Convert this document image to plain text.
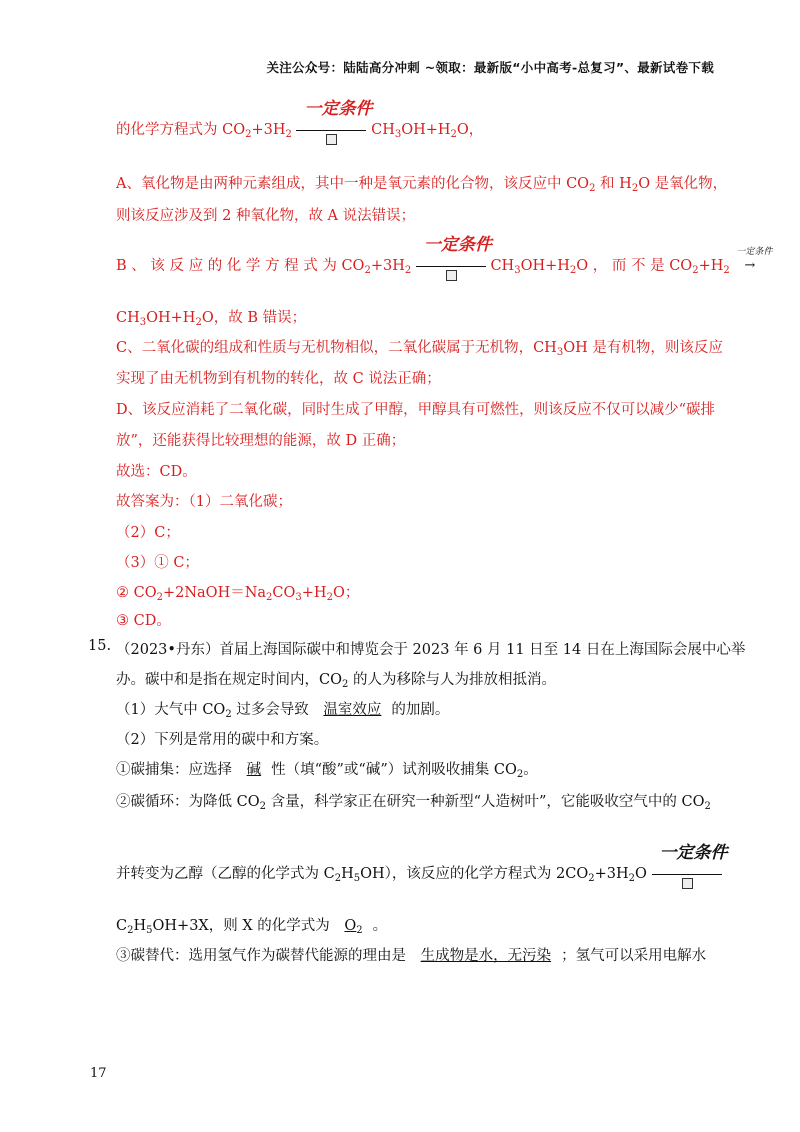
关注公众号：陆陆高分冲刺 ~领取：最新版“小中高考-总复习”、最新试卷下载
的化学方程式为 $CO_2+3H_2$
一定条件
$CH_3OH+H_2O$，
A、氧化物是由两种元素组成，其中一种是氧元素的化合物，该反应中 $CO_2$ 和 $H_2O$ 是氧化物，
则该反应涉及到 2 种氧化物，故 A 说法错误；
B 、 该 反 应 的 化 学 方 程 式 为 $CO_2+3H_2$
一定条件
$CH_3OH+H_2O$ ， 而 不 是 $CO_2+H_2$
一定条件
→
$CH_3OH+H_2O$，故 B 错误；
C、二氧化碳的组成和性质与无机物相似，二氧化碳属于无机物，$CH_3OH$ 是有机物，则该反应
实现了由无机物到有机物的转化，故 C 说法正确；
D、该反应消耗了二氧化碳，同时生成了甲醇，甲醇具有可燃性，则该反应不仅可以减少“碳排
放”，还能获得比较理想的能源，故 D 正确；
故选：CD。
故答案为：（1）二氧化碳；
（2）C；
（3）① C；
② $CO_2+2NaOH=Na_2CO_3+H_2O$；
③ CD。
15. （2023•丹东）首届上海国际碳中和博览会于 2023 年 6 月 11 日至 14 日在上海国际会展中心举
办。碳中和是指在规定时间内，$CO_2$ 的人为移除与人为排放相抵消。
（1）大气中 $CO_2$ 过多会导致 温室效应 的加剧。
（2）下列是常用的碳中和方案。
①碳捕集：应选择 碱 性（填“酸”或“碱”）试剂吸收捕集 $CO_2$。
②碳循环：为降低 $CO_2$ 含量，科学家正在研究一种新型“人造树叶”，它能吸收空气中的 $CO_2$
并转变为乙醇（乙醇的化学式为 $C_2H_5OH$），该反应的化学方程式为 $2CO_2+3H_2O$
一定条件
$C_2H_5OH+3X$，则 X 的化学式为 $O_2$ 。
③碳替代：选用氢气作为碳替代能源的理由是 生成物是水，无污染 ；氢气可以采用电解水
17
